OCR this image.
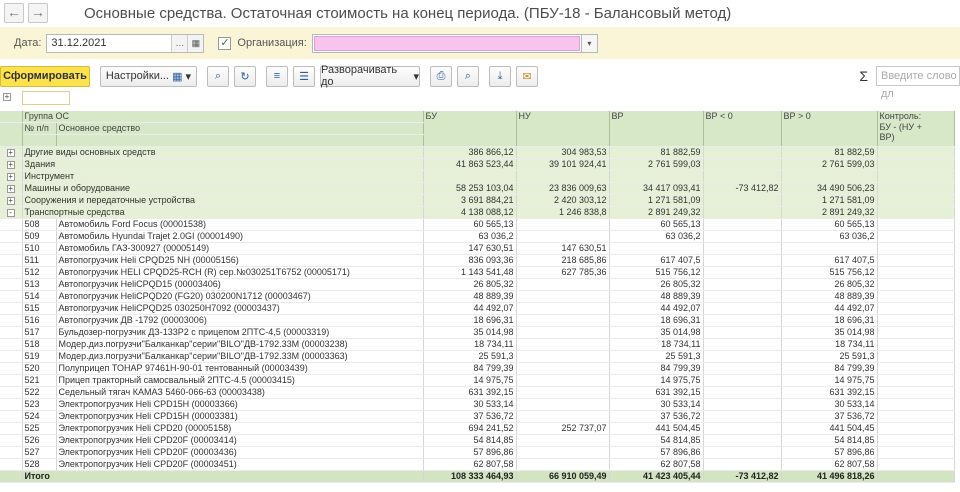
← →	Основные средства. Остаточная стоимость на конец периода. (ПБУ-18 - Балансовый метод)
Дата: 31.12.2021	… ▦ ✓ Организация:	▾
Сформировать Настройки...
▦ ▾	⌕ ↻ ≡ ☰
Разворачивать до	▾ ⎙ ⌕ ⤓ ✉	Σ	Введите слово дл
+
	Группа ОС		БУ	НУ	ВР	ВР < 0	ВР > 0	Контроль:
БУ - (НУ +
ВР)

	№ п/п	Основное средство						

+	Другие виды основных средств		386 866,12	304 983,53	81 882,59		81 882,59	
+	Здания		41 863 523,44	39 101 924,41	2 761 599,03		2 761 599,03	
+	Инструмент							
+	Машины и оборудование		58 253 103,04	23 836 009,63	34 417 093,41	-73 412,82	34 490 506,23	
+	Сооружения и передаточные устройства		3 691 884,21	2 420 303,12	1 271 581,09		1 271 581,09	
-	Транспортные средства		4 138 088,12	1 246 838,8	2 891 249,32		2 891 249,32	
	508	Автомобиль Ford Focus (00001538)	60 565,13		60 565,13		60 565,13	
	509	Автомобиль Hyundai Trajet 2.0GI (00001490)	63 036,2		63 036,2		63 036,2	
	510	Автомобиль ГАЗ-300927 (00005149)	147 630,51	147 630,51				
	511	Автопогрузчик Heli CPQD25 NH (00005156)	836 093,36	218 685,86	617 407,5		617 407,5	
	512	Автопогрузчик HELI CPQD25-RCH (R) сер.№030251T6752 (00005171)	1 143 541,48	627 785,36	515 756,12		515 756,12	
	513	Автопогрузчик HeliCPQD15 (00003406)	26 805,32		26 805,32		26 805,32	
	514	Автопогрузчик HeliCPQD20 (FG20) 030200N1712 (00003467)	48 889,39		48 889,39		48 889,39	
	515	Автопогрузчик HeliCPQD25 030250H7092 (00003437)	44 492,07		44 492,07		44 492,07	
	516	Автопогрузчик ДВ -1792 (00003006)	18 696,31		18 696,31		18 696,31	
	517	Бульдозер-погрузчик ДЗ-133Р2 с прицепом 2ПТС-4,5 (00003319)	35 014,98		35 014,98		35 014,98	
	518	Модер.диз.погрузчи"Балканкар"серии"BILO"ДВ-1792.33М (00003238)	18 734,11		18 734,11		18 734,11	
	519	Модер.диз.погрузчи"Балканкар"серии"BILO"ДВ-1792.33М (00003363)	25 591,3		25 591,3		25 591,3	
	520	Полуприцеп ТОНАР 97461Н-90-01 тентованный (00003439)	84 799,39		84 799,39		84 799,39	
	521	Прицеп тракторный самосвальный 2ПТС-4.5 (00003415)	14 975,75		14 975,75		14 975,75	
	522	Седельный тягач КАМАЗ 5460-066-63 (00003438)	631 392,15		631 392,15		631 392,15	
	523	Электропогрузчик Heli CPD15H (00003366)	30 533,14		30 533,14		30 533,14	
	524	Электропогрузчик Heli CPD15H (00003381)	37 536,72		37 536,72		37 536,72	
	525	Электропогрузчик Heli CPD20 (00005158)	694 241,52	252 737,07	441 504,45		441 504,45	
	526	Электропогрузчик Heli CPD20F (00003414)	54 814,85		54 814,85		54 814,85	
	527	Электропогрузчик Heli CPD20F (00003436)	57 896,86		57 896,86		57 896,86	
	528	Электропогрузчик Heli CPD20F (00003451)	62 807,58		62 807,58		62 807,58	
	Итого		108 333 464,93	66 910 059,49	41 423 405,44	-73 412,82	41 496 818,26	
